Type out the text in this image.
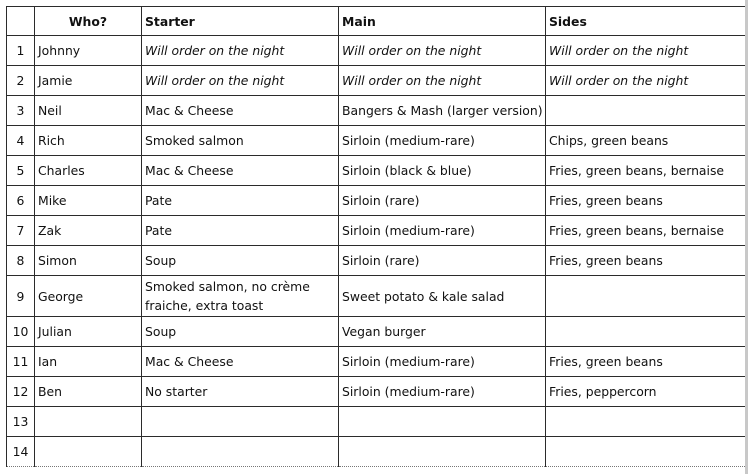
	Who?	Starter	Main	Sides
1	Johnny	Will order on the night	Will order on the night	Will order on the night
2	Jamie	Will order on the night	Will order on the night	Will order on the night
3	Neil	Mac & Cheese	Bangers & Mash (larger version)	
4	Rich	Smoked salmon	Sirloin (medium-rare)	Chips, green beans
5	Charles	Mac & Cheese	Sirloin (black & blue)	Fries, green beans, bernaise
6	Mike	Pate	Sirloin (rare)	Fries, green beans
7	Zak	Pate	Sirloin (medium-rare)	Fries, green beans, bernaise
8	Simon	Soup	Sirloin (rare)	Fries, green beans
9	George	Smoked salmon, no crème fraiche, extra toast	Sweet potato & kale salad	
10	Julian	Soup	Vegan burger	
11	Ian	Mac & Cheese	Sirloin (medium-rare)	Fries, green beans
12	Ben	No starter	Sirloin (medium-rare)	Fries, peppercorn
13				
14				
